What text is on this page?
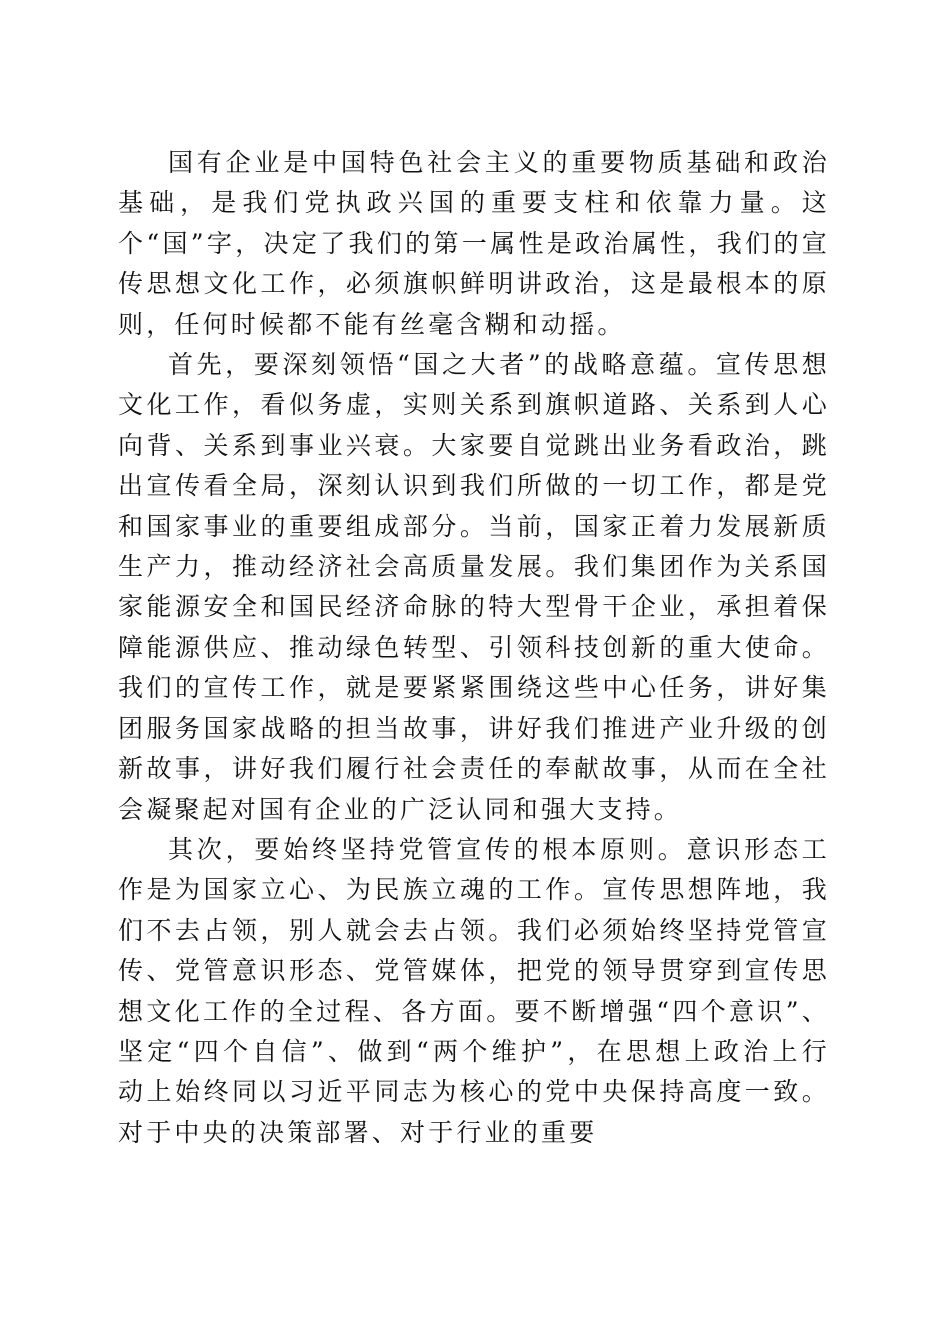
国有企业是中国特色社会主义的重要物质基础和政治基础，是我们党执政兴国的重要支柱和依靠力量。这个“国”字，决定了我们的第一属性是政治属性，我们的宣传思想文化工作，必须旗帜鲜明讲政治，这是最根本的原则，任何时候都不能有丝毫含糊和动摇。

首先，要深刻领悟“国之大者”的战略意蕴。宣传思想文化工作，看似务虚，实则关系到旗帜道路、关系到人心向背、关系到事业兴衰。大家要自觉跳出业务看政治，跳出宣传看全局，深刻认识到我们所做的一切工作，都是党和国家事业的重要组成部分。当前，国家正着力发展新质生产力，推动经济社会高质量发展。我们集团作为关系国家能源安全和国民经济命脉的特大型骨干企业，承担着保障能源供应、推动绿色转型、引领科技创新的重大使命。我们的宣传工作，就是要紧紧围绕这些中心任务，讲好集团服务国家战略的担当故事，讲好我们推进产业升级的创新故事，讲好我们履行社会责任的奉献故事，从而在全社会凝聚起对国有企业的广泛认同和强大支持。

其次，要始终坚持党管宣传的根本原则。意识形态工作是为国家立心、为民族立魂的工作。宣传思想阵地，我们不去占领，别人就会去占领。我们必须始终坚持党管宣传、党管意识形态、党管媒体，把党的领导贯穿到宣传思想文化工作的全过程、各方面。要不断增强“四个意识”、坚定“四个自信”、做到“两个维护”，在思想上政治上行动上始终同以习近平同志为核心的党中央保持高度一致。对于中央的决策部署、对于行业的重要
